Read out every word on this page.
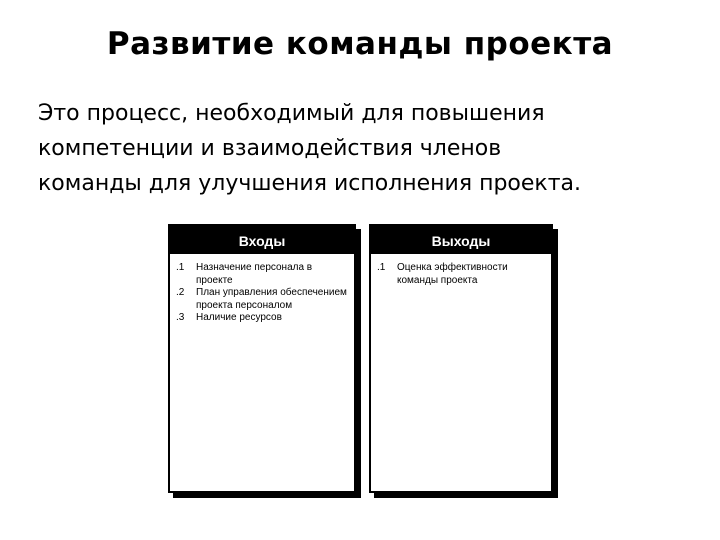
Развитие команды проекта
Это процесс, необходимый для повышения
компетенции и взаимодействия членов
команды для улучшения исполнения проекта.
Входы
.1	Назначение персонала в проекте
.2	План управления обеспечением проекта персоналом
.3	Наличие ресурсов
Выходы
.1	Оценка эффективности команды проекта
